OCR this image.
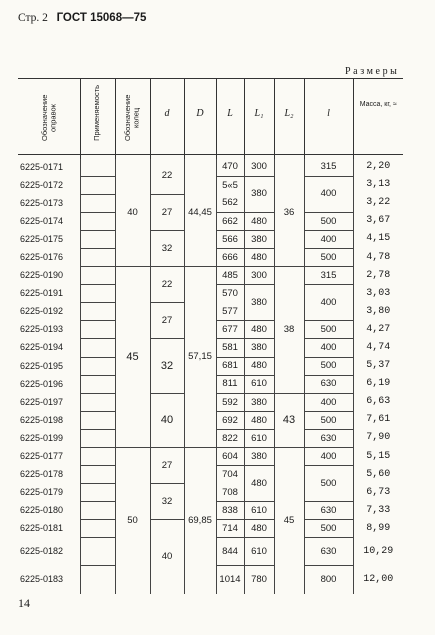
Стр. 2 ГОСТ 15068—75
Размеры
Обозначение оправок	Применяемость	Обозначение колец	d	D	L	L₁	L₂	l	Масса, кг, ≈

6225-0171		40	22	44,45	470	300	36	315	2,20
6225-0172					5«5	380		400	3,13
6225-0173			27		562				3,22
6225-0174					662	480		500	3,67
6225-0175			32		566	380		400	4,15
6225-0176					666	480		500	4,78
6225-0190		45	22	57,15	485	300	38	315	2,78
6225-0191					570	380		400	3,03
6225-0192			27		577				3,80
6225-0193					677	480		500	4,27
6225-0194			32		581	380		400	4,74
6225-0195					681	480		500	5,37
6225-0196					811	610		630	6,19
6225-0197			40		592	380	43	400	6,63
6225-0198					692	480		500	7,61
6225-0199					822	610		630	7,90
6225-0177		50	27	69,85	604	380	45	400	5,15
6225-0178					704	480		500	5,60
6225-0179			32		708				6,73
6225-0180					838	610		630	7,33
6225-0181			40		714	480		500	8,99
6225-0182					844	610		630	10,29
6225-0183					1014	780		800	12,00
14
